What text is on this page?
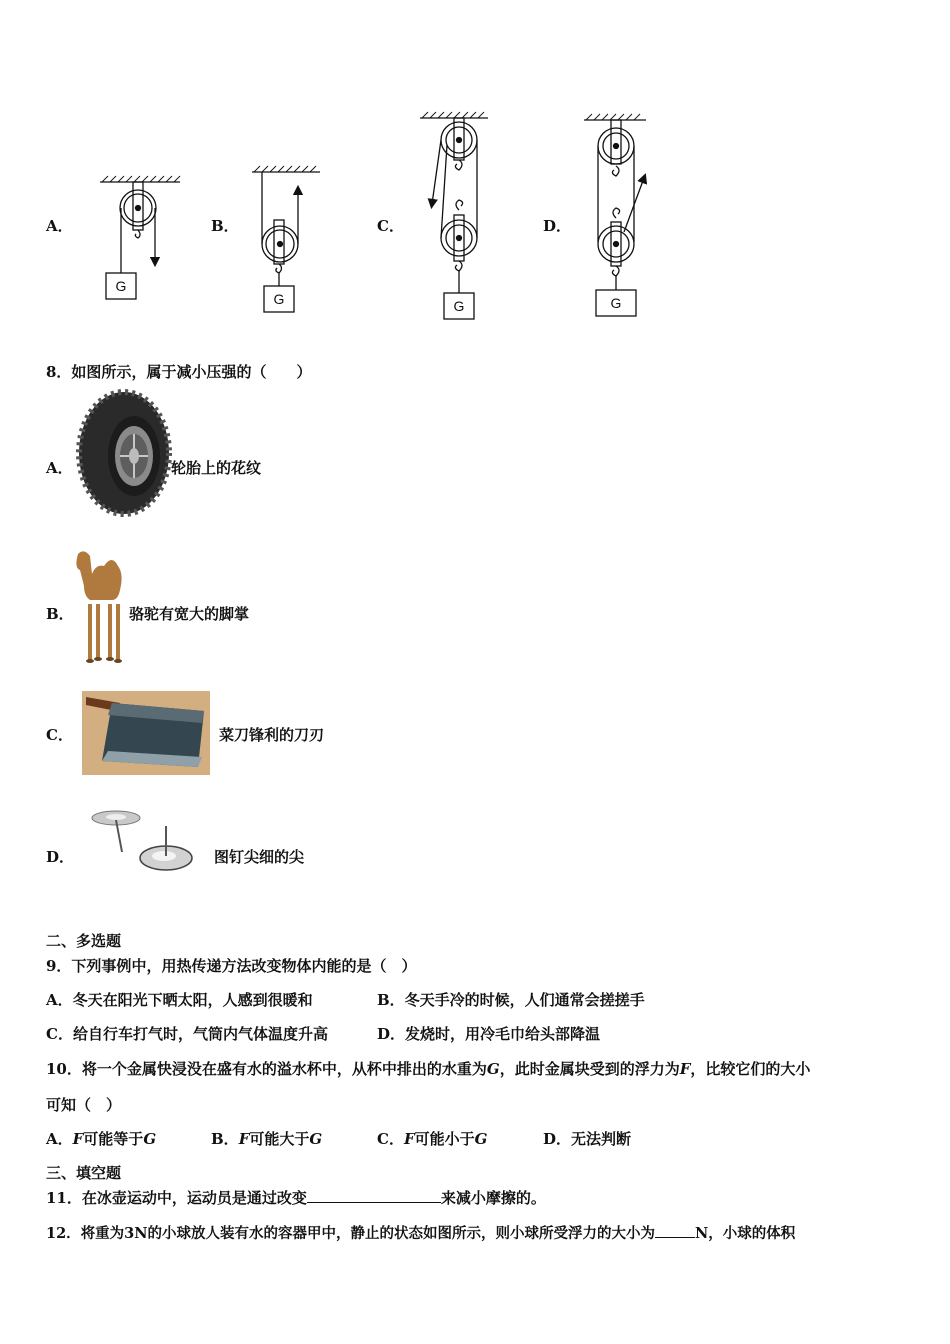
A．	B．	C．	D．
G
G	G	G
8．如图所示，属于减小压强的（　　）
A．	轮胎上的花纹
B．	骆驼有宽大的脚掌
C．	菜刀锋利的刀刃
D．	图钉尖细的尖
二、多选题
9．下列事例中，用热传递方法改变物体内能的是（　）
A．冬天在阳光下晒太阳，人感到很暖和	B．冬天手冷的时候，人们通常会搓搓手
C．给自行车打气时，气筒内气体温度升高	D．发烧时，用冷毛巾给头部降温
10．将一个金属快浸没在盛有水的溢水杯中，从杯中排出的水重为G，此时金属块受到的浮力为F，比较它们的大小
可知（　）
A．F可能等于G	B．F可能大于G	C．F可能小于G	D．无法判断
三、填空题
11．在冰壶运动中，运动员是通过改变	来减小摩擦的。
12．将重为3N的小球放人装有水的容器甲中，静止的状态如图所示，则小球所受浮力的大小为	N，小球的体积
